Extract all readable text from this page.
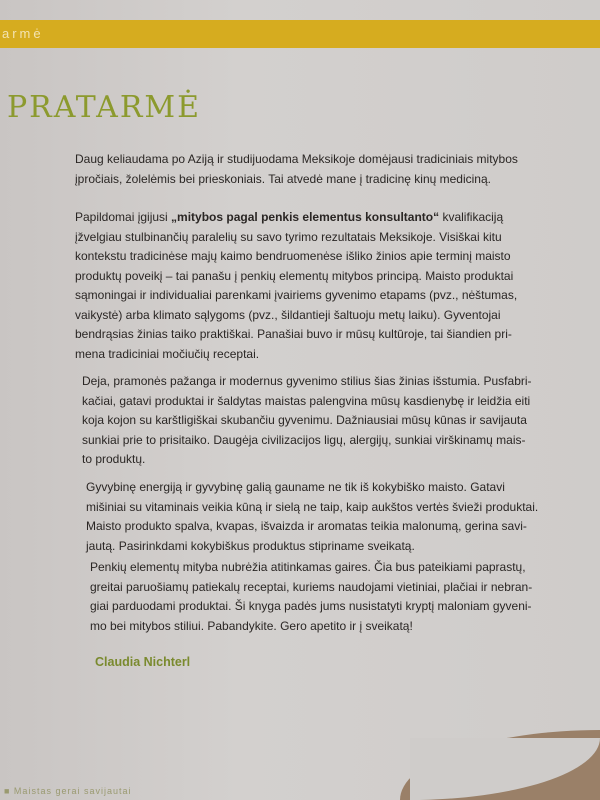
armė
PRATARMĖ
Daug keliaudama po Aziją ir studijuodama Meksikoje domėjausi tradiciniais mitybos
įpročiais, žolelėmis bei prieskoniais. Tai atvedė mane į tradicinę kinų mediciną.
Papildomai įgijusi „mitybos pagal penkis elementus konsultanto“ kvalifikaciją
įžvelgiau stulbinančių paralelių su savo tyrimo rezultatais Meksikoje. Visiškai kitu
kontekstu tradicinėse majų kaimo bendruomenėse išliko žinios apie terminį maisto
produktų poveikį – tai panašu į penkių elementų mitybos principą. Maisto produktai
sąmoningai ir individualiai parenkami įvairiems gyvenimo etapams (pvz., nėštumas,
vaikystė) arba klimato sąlygoms (pvz., šildantieji šaltuoju metų laiku). Gyventojai
bendrąsias žinias taiko praktiškai. Panašiai buvo ir mūsų kultūroje, tai šiandien pri-
mena tradiciniai močiučių receptai.
Deja, pramonės pažanga ir modernus gyvenimo stilius šias žinias išstumia. Pusfabri-
kačiai, gatavi produktai ir šaldytas maistas palengvina mūsų kasdienybę ir leidžia eiti
koja kojon su karštligiškai skubančiu gyvenimu. Dažniausiai mūsų kūnas ir savijauta
sunkiai prie to prisitaiko. Daugėja civilizacijos ligų, alergijų, sunkiai virškinamų mais-
to produktų.
Gyvybinę energiją ir gyvybinę galią gauname ne tik iš kokybiško maisto. Gatavi
mišiniai su vitaminais veikia kūną ir sielą ne taip, kaip aukštos vertės švieži produktai.
Maisto produkto spalva, kvapas, išvaizda ir aromatas teikia malonumą, gerina savi-
jautą. Pasirinkdami kokybiškus produktus stipriname sveikatą.
Penkių elementų mityba nubrėžia atitinkamas gaires. Čia bus pateikiami paprastų,
greitai paruošiamų patiekalų receptai, kuriems naudojami vietiniai, plačiai ir nebran-
giai parduodami produktai. Ši knyga padės jums nusistatyti kryptį maloniam gyveni-
mo bei mitybos stiliui. Pabandykite. Gero apetito ir į sveikatą!
Claudia Nichterl
■ Maistas gerai savijautai
